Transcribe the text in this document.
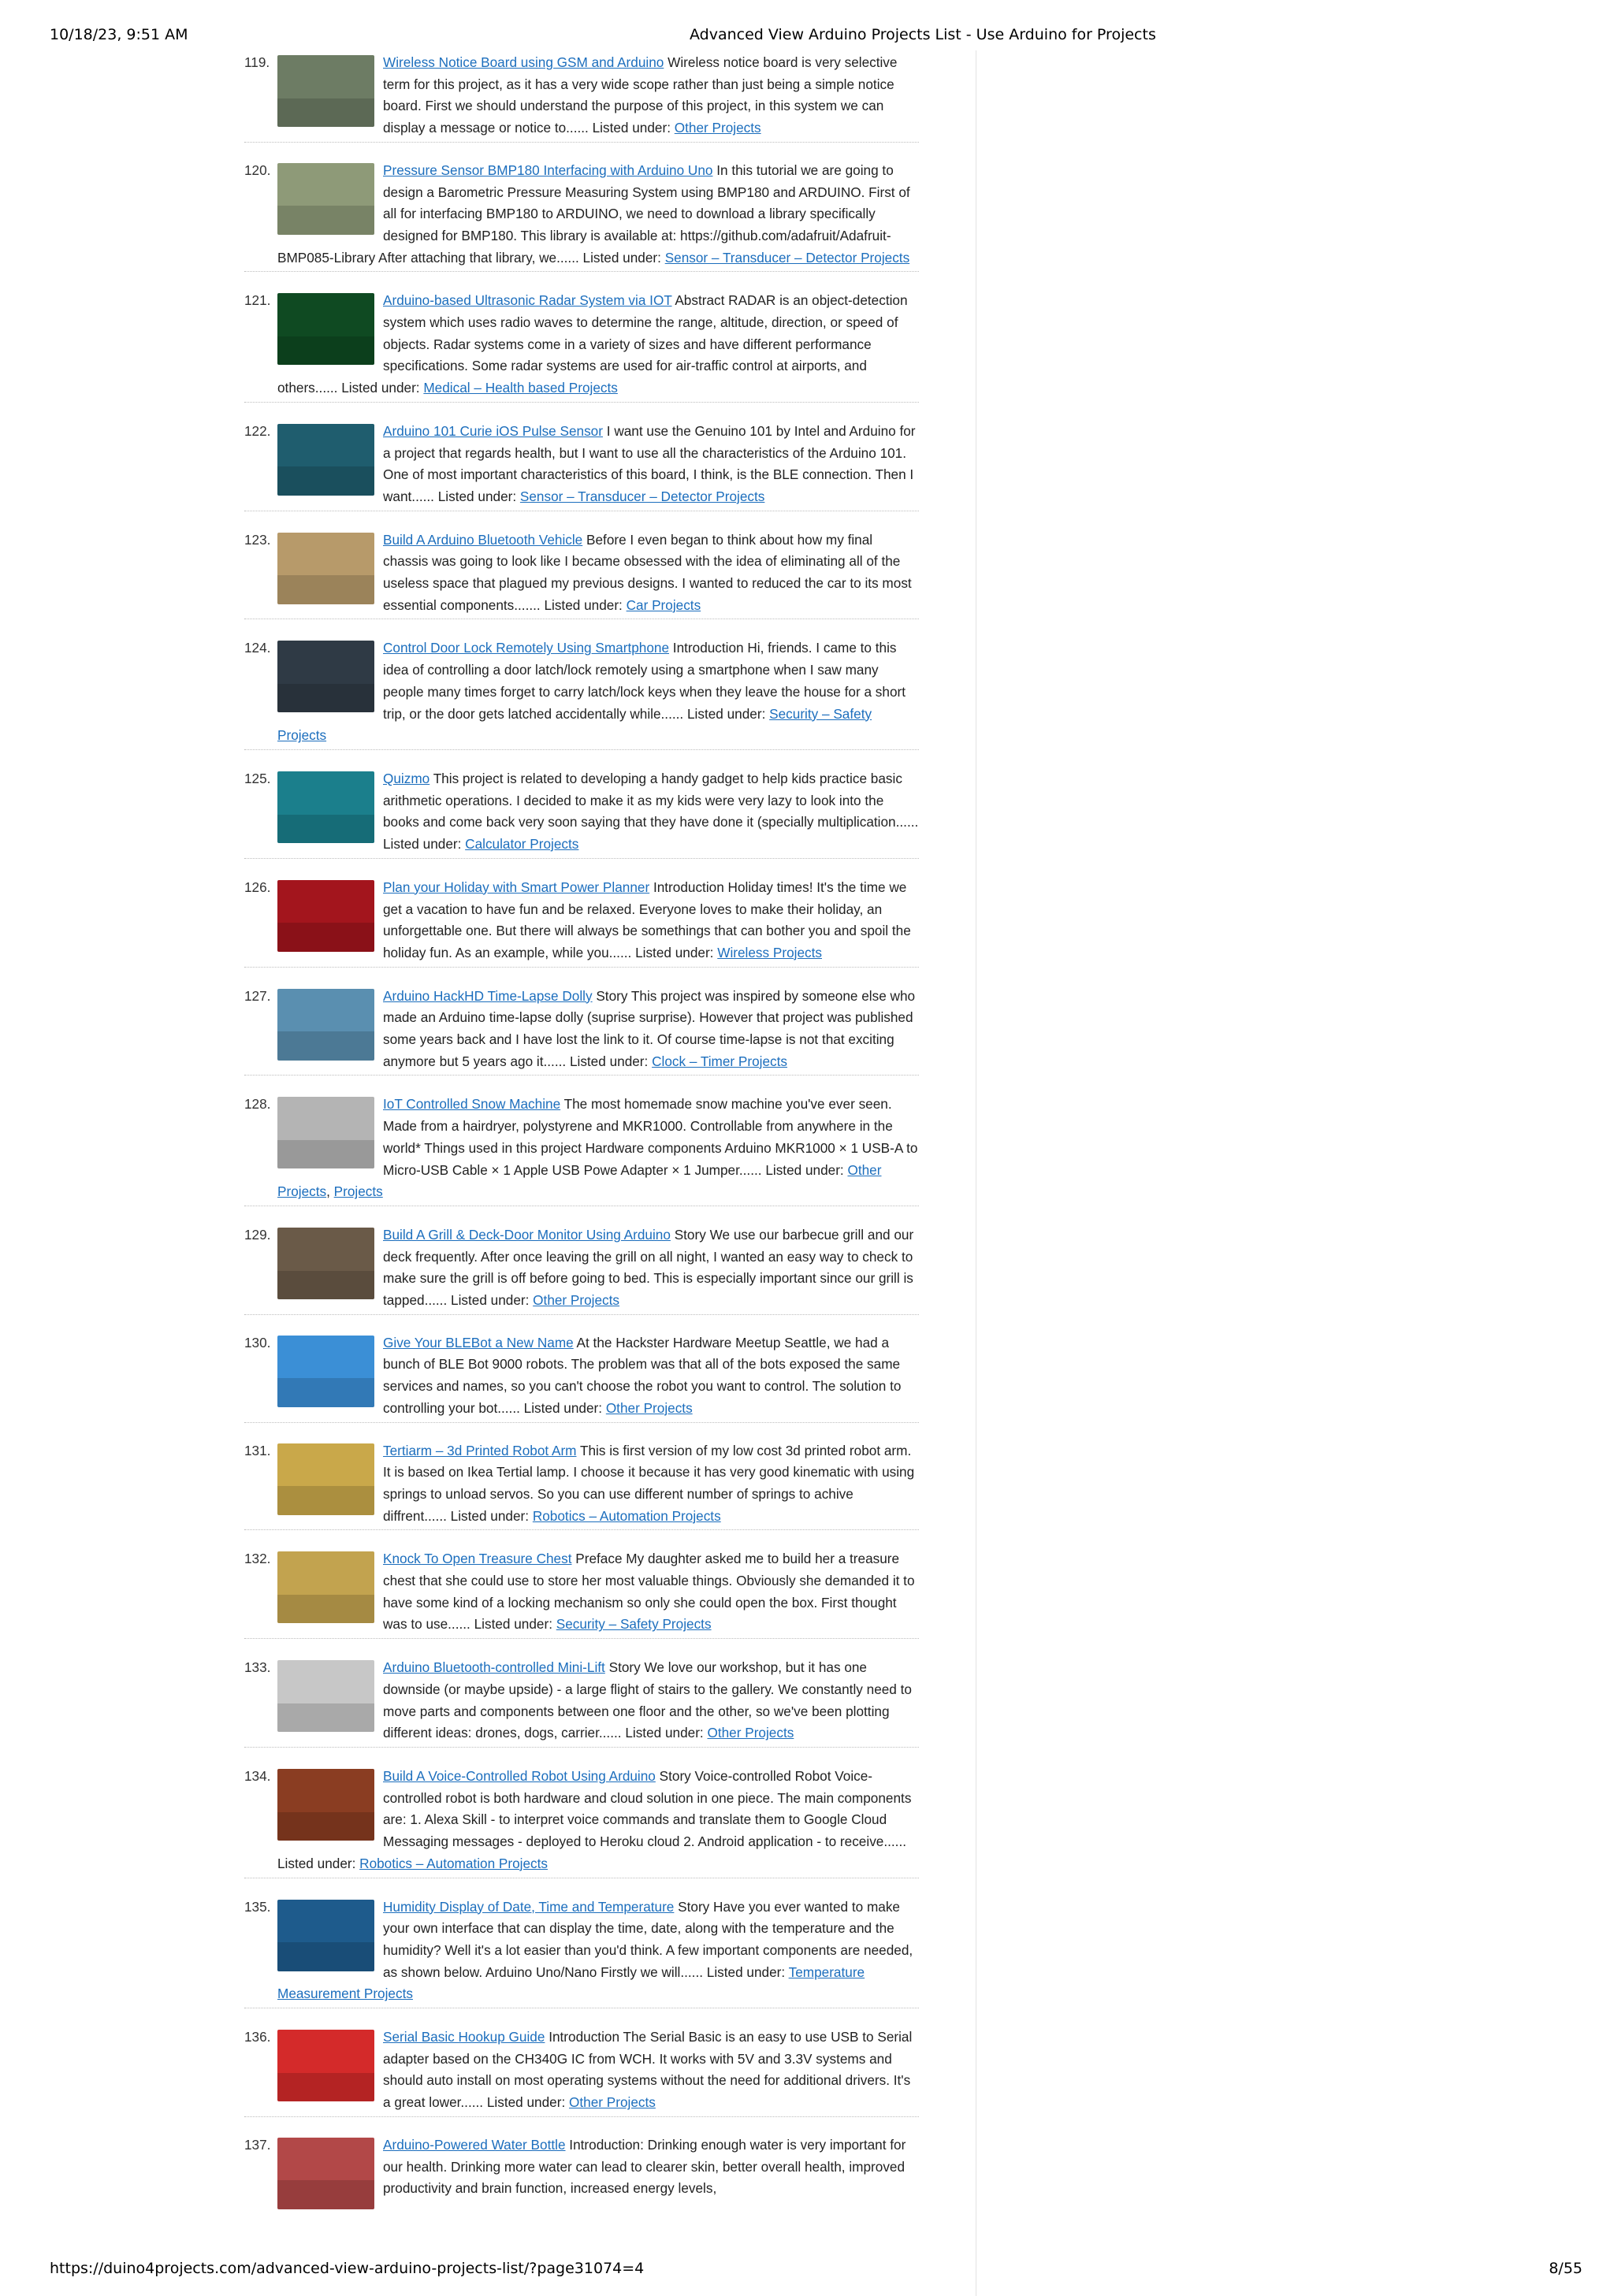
10/18/23, 9:51 AM	Advanced View Arduino Projects List - Use Arduino for Projects
119.	Wireless Notice Board using GSM and Arduino Wireless notice board is very selective term for this project, as it has a very wide scope rather than just being a simple notice board. First we should understand the purpose of this project, in this system we can display a message or notice to...... Listed under: Other Projects
120.	Pressure Sensor BMP180 Interfacing with Arduino Uno In this tutorial we are going to design a Barometric Pressure Measuring System using BMP180 and ARDUINO. First of all for interfacing BMP180 to ARDUINO, we need to download a library specifically designed for BMP180. This library is available at: https://github.com/adafruit/Adafruit-BMP085-Library After attaching that library, we...... Listed under: Sensor – Transducer – Detector Projects
121.	Arduino-based Ultrasonic Radar System via IOT Abstract RADAR is an object-detection system which uses radio waves to determine the range, altitude, direction, or speed of objects. Radar systems come in a variety of sizes and have different performance specifications. Some radar systems are used for air-traffic control at airports, and others...... Listed under: Medical – Health based Projects
122.	Arduino 101 Curie iOS Pulse Sensor I want use the Genuino 101 by Intel and Arduino for a project that regards health, but I want to use all the characteristics of the Arduino 101. One of most important characteristics of this board, I think, is the BLE connection. Then I want...... Listed under: Sensor – Transducer – Detector Projects
123.	Build A Arduino Bluetooth Vehicle Before I even began to think about how my final chassis was going to look like I became obsessed with the idea of eliminating all of the useless space that plagued my previous designs. I wanted to reduced the car to its most essential components....... Listed under: Car Projects
124.	Control Door Lock Remotely Using Smartphone Introduction Hi, friends. I came to this idea of controlling a door latch/lock remotely using a smartphone when I saw many people many times forget to carry latch/lock keys when they leave the house for a short trip, or the door gets latched accidentally while...... Listed under: Security – Safety Projects
125.	Quizmo This project is related to developing a handy gadget to help kids practice basic arithmetic operations. I decided to make it as my kids were very lazy to look into the books and come back very soon saying that they have done it (specially multiplication...... Listed under: Calculator Projects
126.	Plan your Holiday with Smart Power Planner Introduction Holiday times! It's the time we get a vacation to have fun and be relaxed. Everyone loves to make their holiday, an unforgettable one. But there will always be somethings that can bother you and spoil the holiday fun. As an example, while you...... Listed under: Wireless Projects
127.	Arduino HackHD Time-Lapse Dolly Story This project was inspired by someone else who made an Arduino time-lapse dolly (suprise surprise). However that project was published some years back and I have lost the link to it. Of course time-lapse is not that exciting anymore but 5 years ago it...... Listed under: Clock – Timer Projects
128.	IoT Controlled Snow Machine The most homemade snow machine you've ever seen. Made from a hairdryer, polystyrene and MKR1000. Controllable from anywhere in the world* Things used in this project Hardware components Arduino MKR1000 × 1 USB-A to Micro-USB Cable × 1 Apple USB Powe Adapter × 1 Jumper...... Listed under: Other Projects, Projects
129.	Build A Grill & Deck-Door Monitor Using Arduino Story We use our barbecue grill and our deck frequently. After once leaving the grill on all night, I wanted an easy way to check to make sure the grill is off before going to bed. This is especially important since our grill is tapped...... Listed under: Other Projects
130.	Give Your BLEBot a New Name At the Hackster Hardware Meetup Seattle, we had a bunch of BLE Bot 9000 robots. The problem was that all of the bots exposed the same services and names, so you can't choose the robot you want to control. The solution to controlling your bot...... Listed under: Other Projects
131.	Tertiarm – 3d Printed Robot Arm This is first version of my low cost 3d printed robot arm. It is based on Ikea Tertial lamp. I choose it because it has very good kinematic with using springs to unload servos. So you can use different number of springs to achive diffrent...... Listed under: Robotics – Automation Projects
132.	Knock To Open Treasure Chest Preface My daughter asked me to build her a treasure chest that she could use to store her most valuable things. Obviously she demanded it to have some kind of a locking mechanism so only she could open the box. First thought was to use...... Listed under: Security – Safety Projects
133.	Arduino Bluetooth-controlled Mini-Lift Story We love our workshop, but it has one downside (or maybe upside) - a large flight of stairs to the gallery. We constantly need to move parts and components between one floor and the other, so we've been plotting different ideas: drones, dogs, carrier...... Listed under: Other Projects
134.	Build A Voice-Controlled Robot Using Arduino Story Voice-controlled Robot Voice-controlled robot is both hardware and cloud solution in one piece. The main components are: 1. Alexa Skill - to interpret voice commands and translate them to Google Cloud Messaging messages - deployed to Heroku cloud 2. Android application - to receive...... Listed under: Robotics – Automation Projects
135.	Humidity Display of Date, Time and Temperature Story Have you ever wanted to make your own interface that can display the time, date, along with the temperature and the humidity? Well it's a lot easier than you'd think. A few important components are needed, as shown below. Arduino Uno/Nano Firstly we will...... Listed under: Temperature Measurement Projects
136.	Serial Basic Hookup Guide Introduction The Serial Basic is an easy to use USB to Serial adapter based on the CH340G IC from WCH. It works with 5V and 3.3V systems and should auto install on most operating systems without the need for additional drivers. It's a great lower...... Listed under: Other Projects
137.	Arduino-Powered Water Bottle Introduction: Drinking enough water is very important for our health. Drinking more water can lead to clearer skin, better overall health, improved productivity and brain function, increased energy levels,
https://duino4projects.com/advanced-view-arduino-projects-list/?page31074=4	8/55
